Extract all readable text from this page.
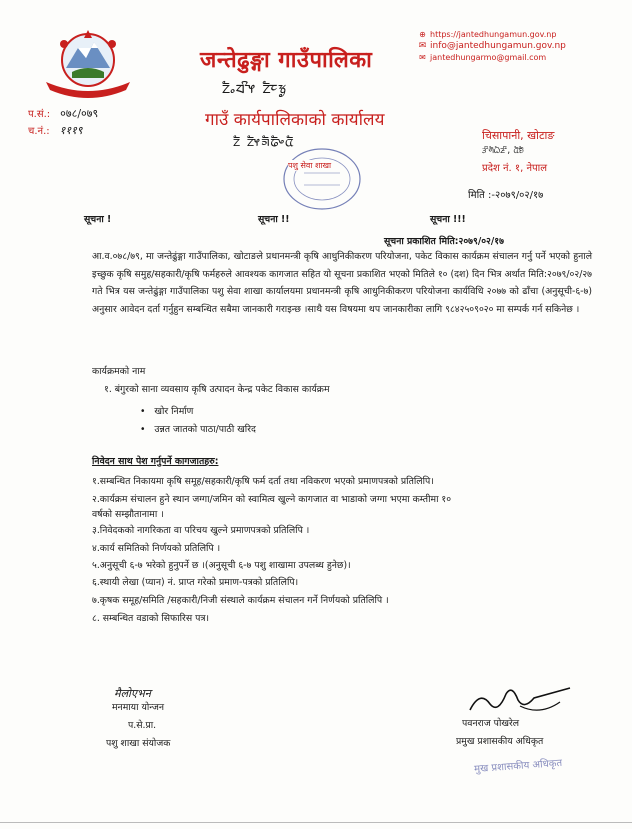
जन्तेढुङ्गा गाउँपालिका
ᤁᤠᤱᤔᤡᤶ ᤁᤠᤰᤃᤢ
गाउँ कार्यपालिकाको कार्यालय
ᤁᤠ ᤁᤠᤶᤈᤠᤒᤠᤴᤂᤠ
⊕ https://jantedhungamun.gov.np
✉ info@jantedhungamun.gov.np
✉ jantedhungarmo@gmail.com
प.सं.: ०७८/०७९
च.नं.: १११९	चिसापानी, खोटाङ
ᤋᤡᤛᤠᤐᤠᤏᤡ, ᤂᤠᤎᤠ
प्रदेश नं. १, नेपाल
पशु सेवा शाखा
मिति :-२०७९/०२/१७
सूचना !	सूचना !!	सूचना !!!
सूचना प्रकाशित मिति:२०७९/०२/१७
आ.व.०७८/७९, मा जन्तेढुंङ्गा गाउँपालिका, खोटाङले प्रधानमन्त्री कृषि आधुनिकीकरण परियोजना, पकेट विकास कार्यक्रम संचालन गर्नु पर्ने भएको हुनाले इच्छुक कृषि समुह/सहकारी/कृषि फर्महरुले आवश्यक कागजात सहित यो सूचना प्रकाशित भएको मितिले १० (दश) दिन भित्र अर्थात मिति:२०७९/०२/२७ गते भित्र यस जन्तेढुंङ्गा गाउँपालिका पशु सेवा शाखा कार्यालयमा प्रधानमन्त्री कृषि आधुनिकीकरण परियोजना कार्यविधि २०७७ को ढाँचा (अनुसूची-६-७) अनुसार आवेदन दर्ता गर्नुहुन सम्बन्धित सबैमा जानकारी गराइन्छ ।साथै यस विषयमा थप जानकारीका लागि ९८४२५०९०२० मा सम्पर्क गर्न सकिनेछ ।
कार्यक्रमको नाम
१. बंगुरको साना व्यवसाय कृषि उत्पादन केन्द्र पकेट विकास कार्यक्रम
• खोर निर्माण
• उन्नत जातको पाठा/पाठी खरिद
निवेदन साथ पेश गर्नुपर्ने कागजातहरु:
१.सम्बन्धित निकायमा कृषि समूह/सहकारी/कृषि फर्म दर्ता तथा नविकरण भएको प्रमाणपत्रको प्रतिलिपि।
२.कार्यक्रम संचालन हुने स्थान जग्गा/जमिन को स्वामित्व खुल्ने कागजात वा भाडाको जग्गा भएमा कम्तीमा १०
वर्षको सम्झौतानामा ।
३.निवेदकको नागरिकता वा परिचय खुल्ने प्रमाणपत्रको प्रतिलिपि ।
४.कार्य समितिको निर्णयको प्रतिलिपि ।
५.अनुसूची ६-७ भरेको हुनुपर्ने छ ।(अनुसूची ६-७ पशु शाखामा उपलब्ध हुनेछ)।
६.स्थायी लेखा (प्यान) नं. प्राप्त गरेको प्रमाण-पत्रको प्रतिलिपि।
७.कृषक समूह/समिति /सहकारी/निजी संस्थाले कार्यक्रम संचालन गर्ने निर्णयको प्रतिलिपि ।
८. सम्बन्धित वडाको सिफारिस पत्र।
मैलोएभन
मनमाया योन्जन
प.से.प्रा.
पशु शाखा संयोजक
पवनराज पोखरेल
प्रमुख प्रशासकीय अधिकृत
मुख प्रशासकीय अधिकृत
